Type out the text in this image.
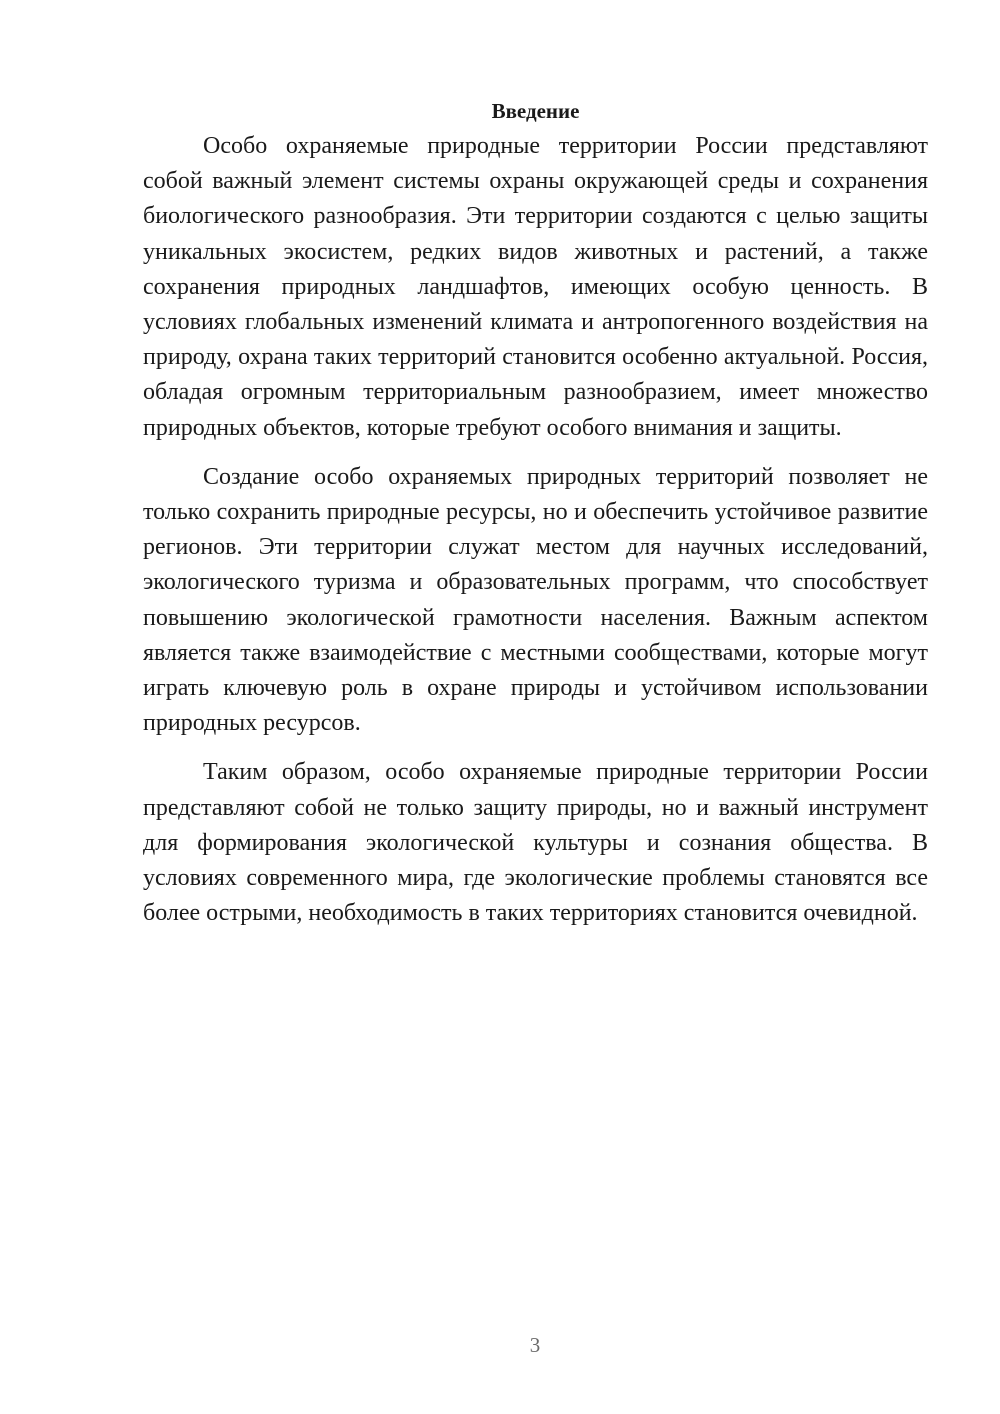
Введение

Особо охраняемые природные территории России представляют собой важный элемент системы охраны окружающей среды и сохранения биологического разнообразия. Эти территории создаются с целью защиты уникальных экосистем, редких видов животных и растений, а также сохранения природных ландшафтов, имеющих особую ценность. В условиях глобальных изменений климата и антропогенного воздействия на природу, охрана таких территорий становится особенно актуальной. Россия, обладая огромным территориальным разнообразием, имеет множество природных объектов, которые требуют особого внимания и защиты.

Создание особо охраняемых природных территорий позволяет не только сохранить природные ресурсы, но и обеспечить устойчивое развитие регионов. Эти территории служат местом для научных исследований, экологического туризма и образовательных программ, что способствует повышению экологической грамотности населения. Важным аспектом является также взаимодействие с местными сообществами, которые могут играть ключевую роль в охране природы и устойчивом использовании природных ресурсов.

Таким образом, особо охраняемые природные территории России представляют собой не только защиту природы, но и важный инструмент для формирования экологической культуры и сознания общества. В условиях современного мира, где экологические проблемы становятся все более острыми, необходимость в таких территориях становится очевидной.

3
